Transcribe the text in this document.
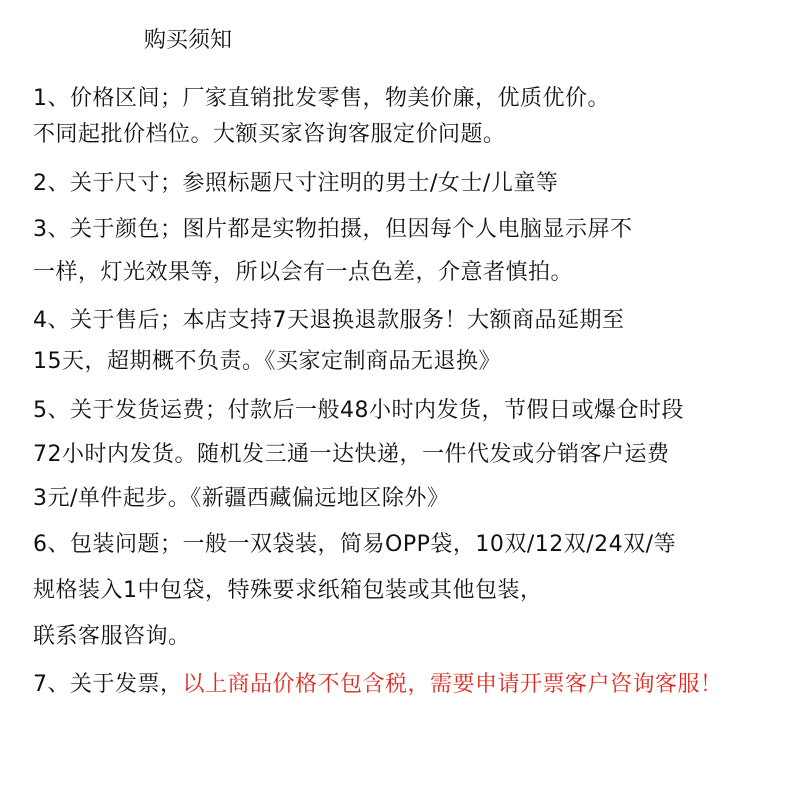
购买须知
1、价格区间；厂家直销批发零售，物美价廉，优质优价。
不同起批价档位。大额买家咨询客服定价问题。
2、关于尺寸；参照标题尺寸注明的男士/女士/儿童等
3、关于颜色；图片都是实物拍摄，但因每个人电脑显示屏不
一样，灯光效果等，所以会有一点色差，介意者慎拍。
4、关于售后；本店支持7天退换退款服务！大额商品延期至
15天，超期概不负责。《买家定制商品无退换》
5、关于发货运费；付款后一般48小时内发货，节假日或爆仓时段
72小时内发货。随机发三通一达快递，一件代发或分销客户运费
3元/单件起步。《新疆西藏偏远地区除外》
6、包装问题；一般一双袋装，简易OPP袋，10双/12双/24双/等
规格装入1中包袋，特殊要求纸箱包装或其他包装，
联系客服咨询。
7、关于发票，以上商品价格不包含税，需要申请开票客户咨询客服！
